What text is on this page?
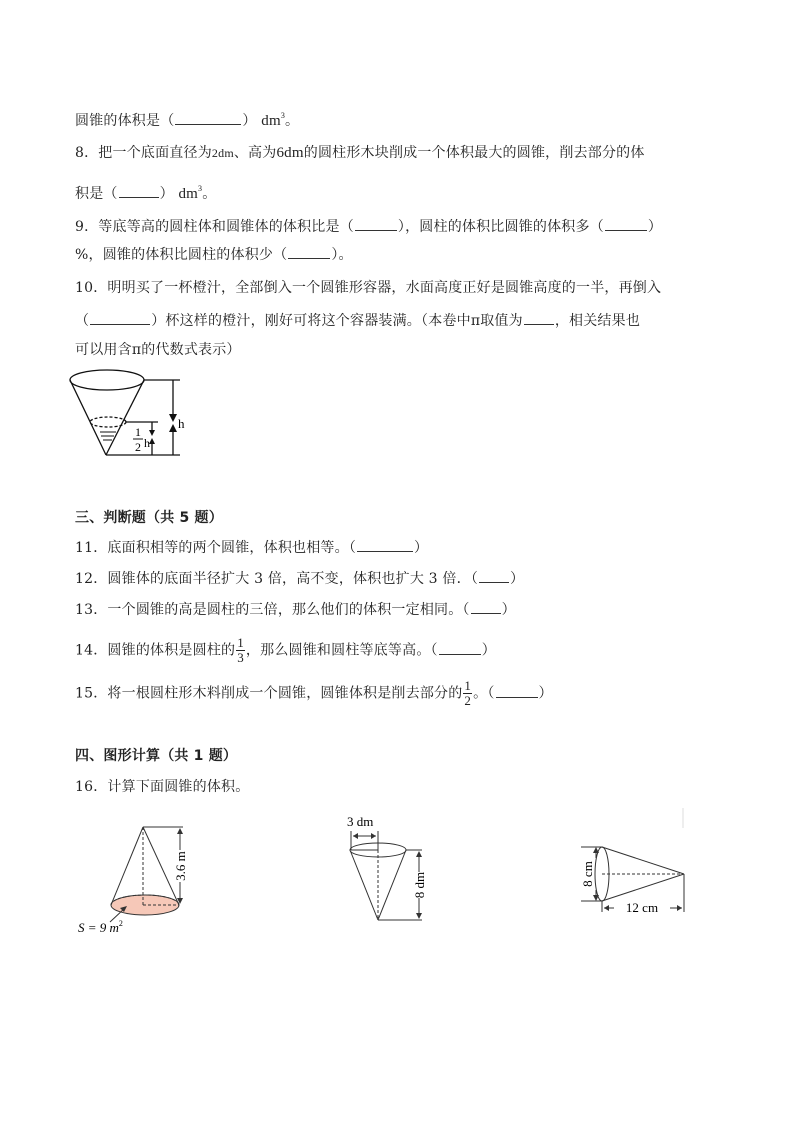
圆锥的体积是（	） $dm^3$。
8．把一个底面直径为2dm、高为6dm的圆柱形木块削成一个体积最大的圆锥，削去部分的体
积是（	） $dm^3$。
9．等底等高的圆柱体和圆锥体的体积比是（	），圆柱的体积比圆锥的体积多（	）
%，圆锥的体积比圆柱的体积少（	）。
10．明明买了一杯橙汁，全部倒入一个圆锥形容器，水面高度正好是圆锥高度的一半，再倒入
（	）杯这样的橙汁，刚好可将这个容器装满。（本卷中π取值为 ，相关结果也
可以用含π的代数式表示）
h
1
2 h
三、判断题（共 5 题）
11．底面积相等的两个圆锥，体积也相等。（	）
12．圆锥体的底面半径扩大 3 倍，高不变，体积也扩大 3 倍．（ ）
13．一个圆锥的高是圆柱的三倍，那么他们的体积一定相同。（ ）
14．圆锥的体积是圆柱的 $\frac{1}{3}$ ，那么圆锥和圆柱等底等高。（	）
15．将一根圆柱形木料削成一个圆锥，圆锥体积是削去部分的 $\frac{1}{2}$ 。（	）
四、图形计算（共 1 题）
16．计算下面圆锥的体积。
3.6 m
S = 9 $m^2$
3 dm
8 dm	8 cm
12 cm
